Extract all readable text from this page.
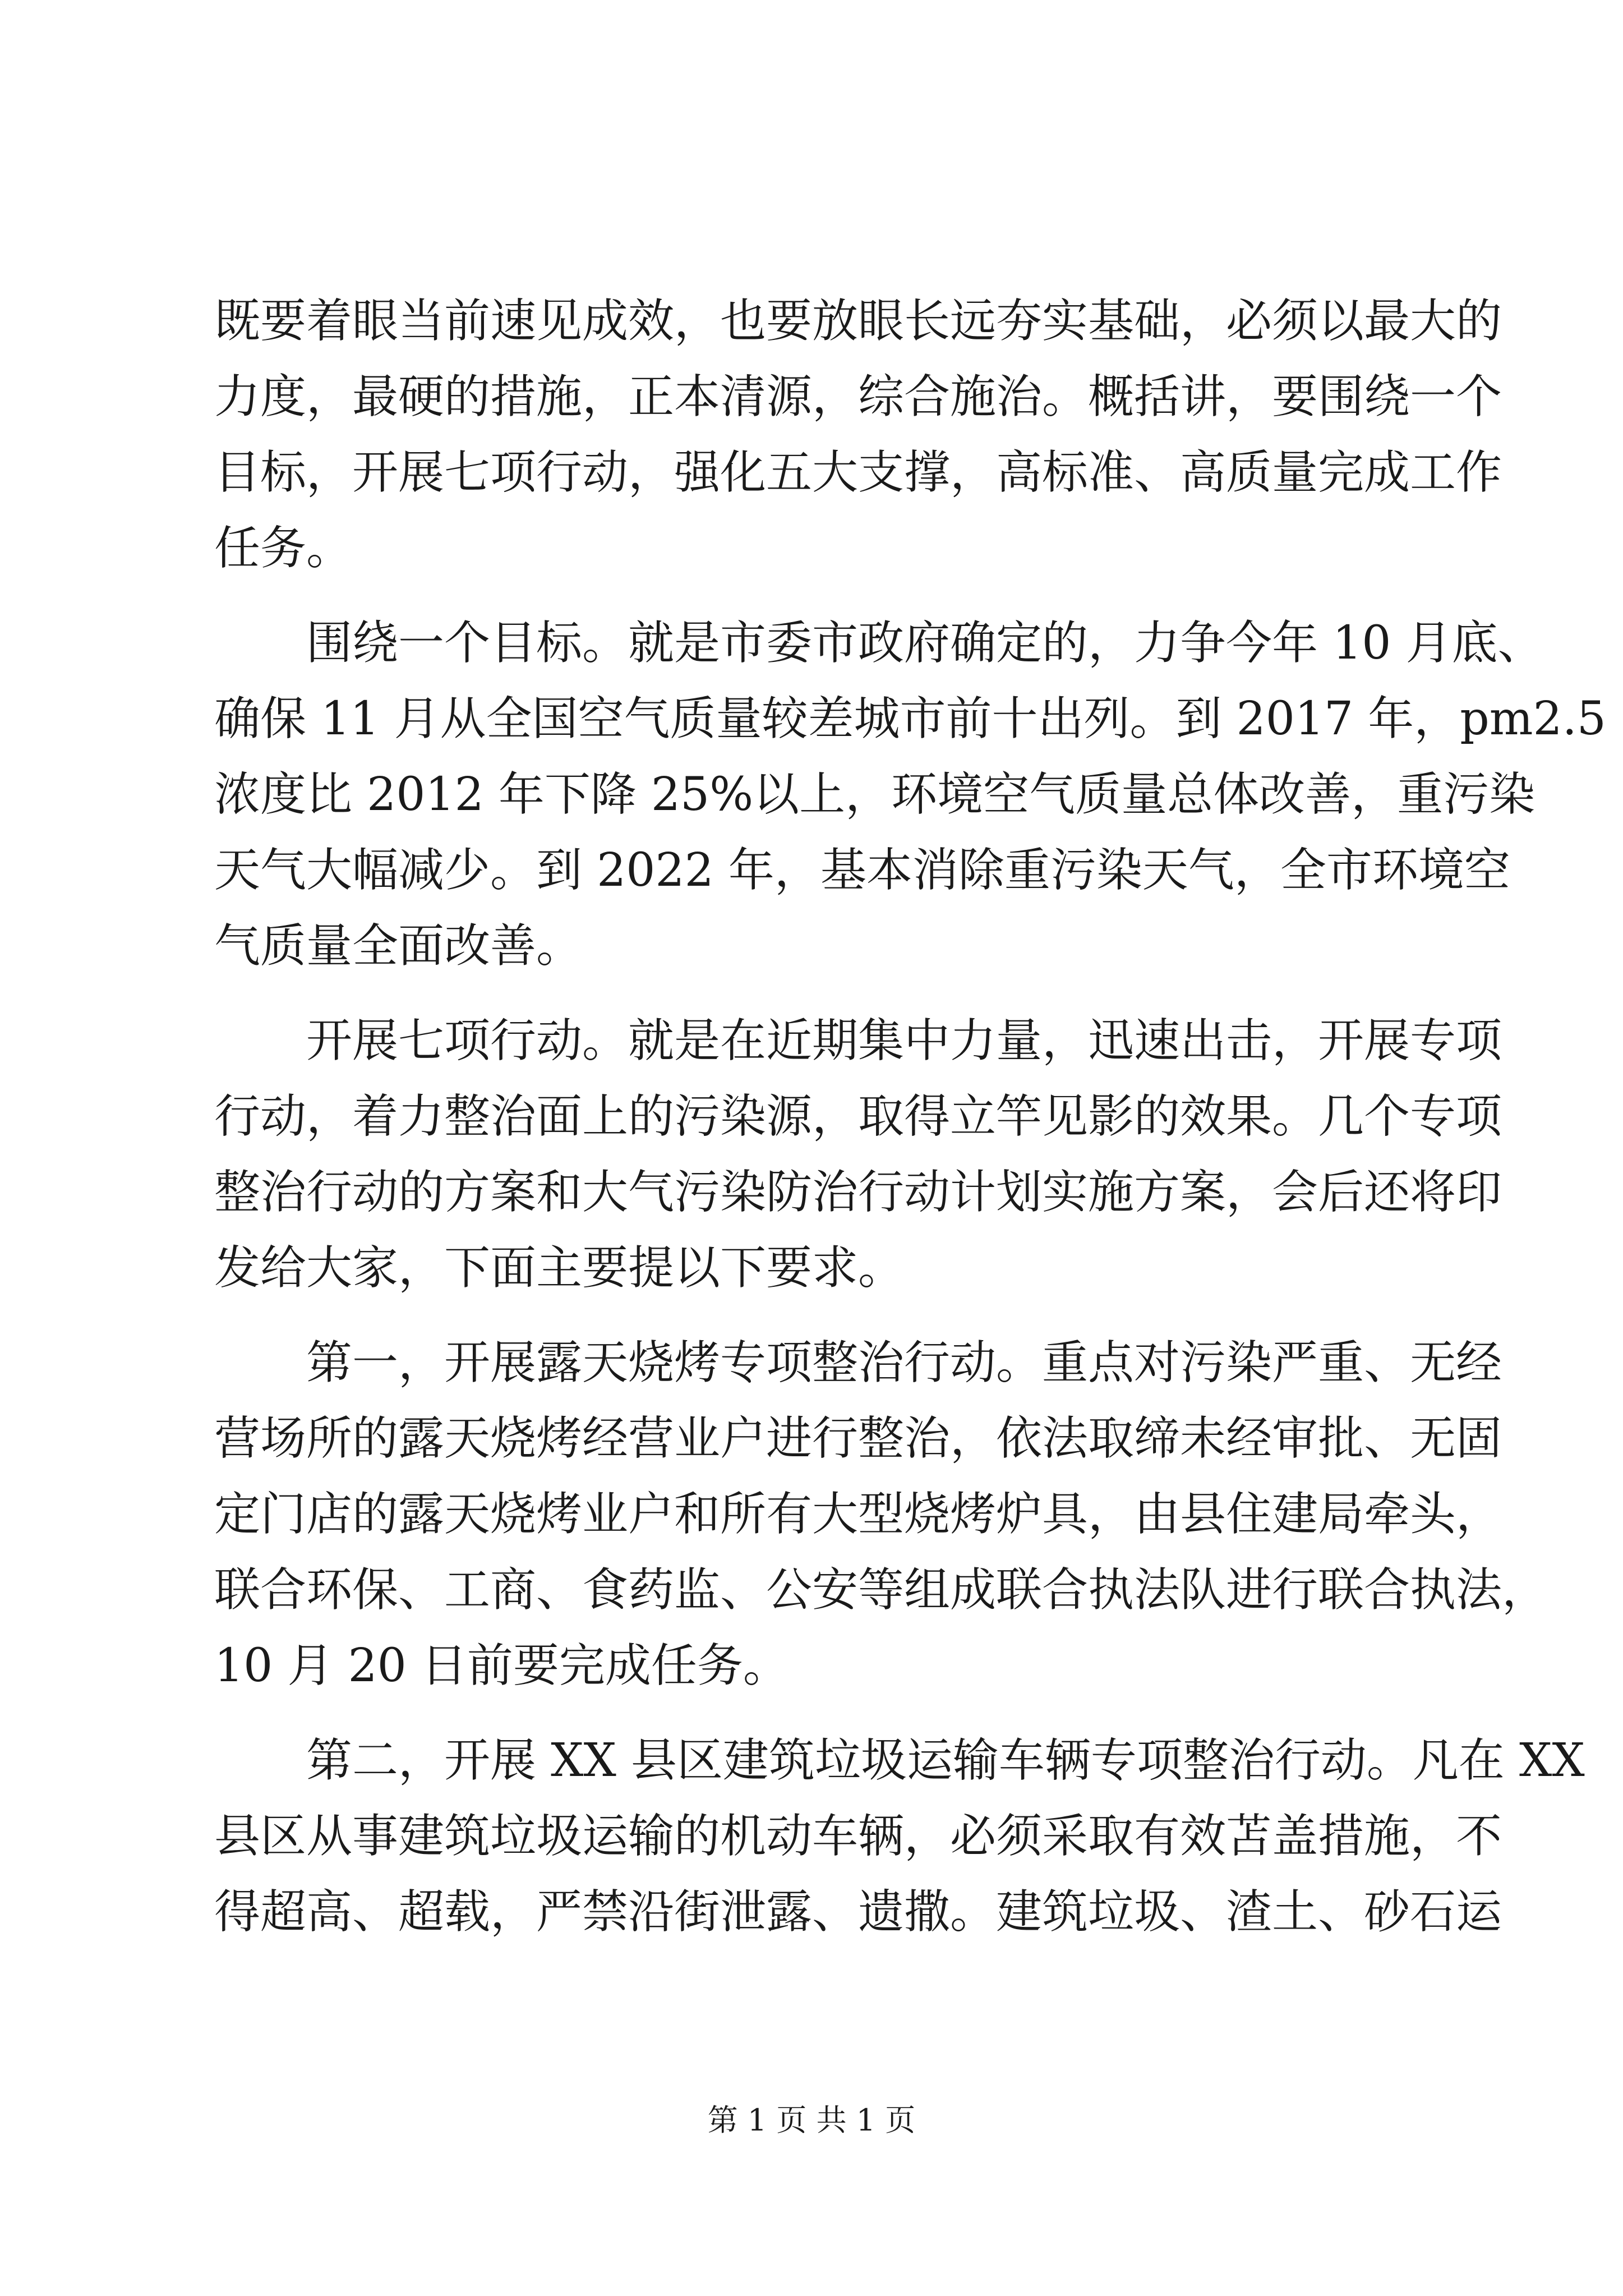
既要着眼当前速见成效，也要放眼长远夯实基础，必须以最大的
力度，最硬的措施，正本清源，综合施治。概括讲，要围绕一个
目标，开展七项行动，强化五大支撑，高标准、高质量完成工作
任务。
围绕一个目标。就是市委市政府确定的，力争今年 10 月底、
确保 11 月从全国空气质量较差城市前十出列。到 2017 年，pm2.5
浓度比 2012 年下降 25%以上，环境空气质量总体改善，重污染
天气大幅减少。到 2022 年，基本消除重污染天气，全市环境空
气质量全面改善。
开展七项行动。就是在近期集中力量，迅速出击，开展专项
行动，着力整治面上的污染源，取得立竿见影的效果。几个专项
整治行动的方案和大气污染防治行动计划实施方案，会后还将印
发给大家，下面主要提以下要求。
第一，开展露天烧烤专项整治行动。重点对污染严重、无经
营场所的露天烧烤经营业户进行整治，依法取缔未经审批、无固
定门店的露天烧烤业户和所有大型烧烤炉具，由县住建局牵头，
联合环保、工商、食药监、公安等组成联合执法队进行联合执法，
10 月 20 日前要完成任务。
第二，开展 XX 县区建筑垃圾运输车辆专项整治行动。凡在 XX
县区从事建筑垃圾运输的机动车辆，必须采取有效苫盖措施，不
得超高、超载，严禁沿街泄露、遗撒。建筑垃圾、渣土、砂石运
第 1 页 共 1 页
